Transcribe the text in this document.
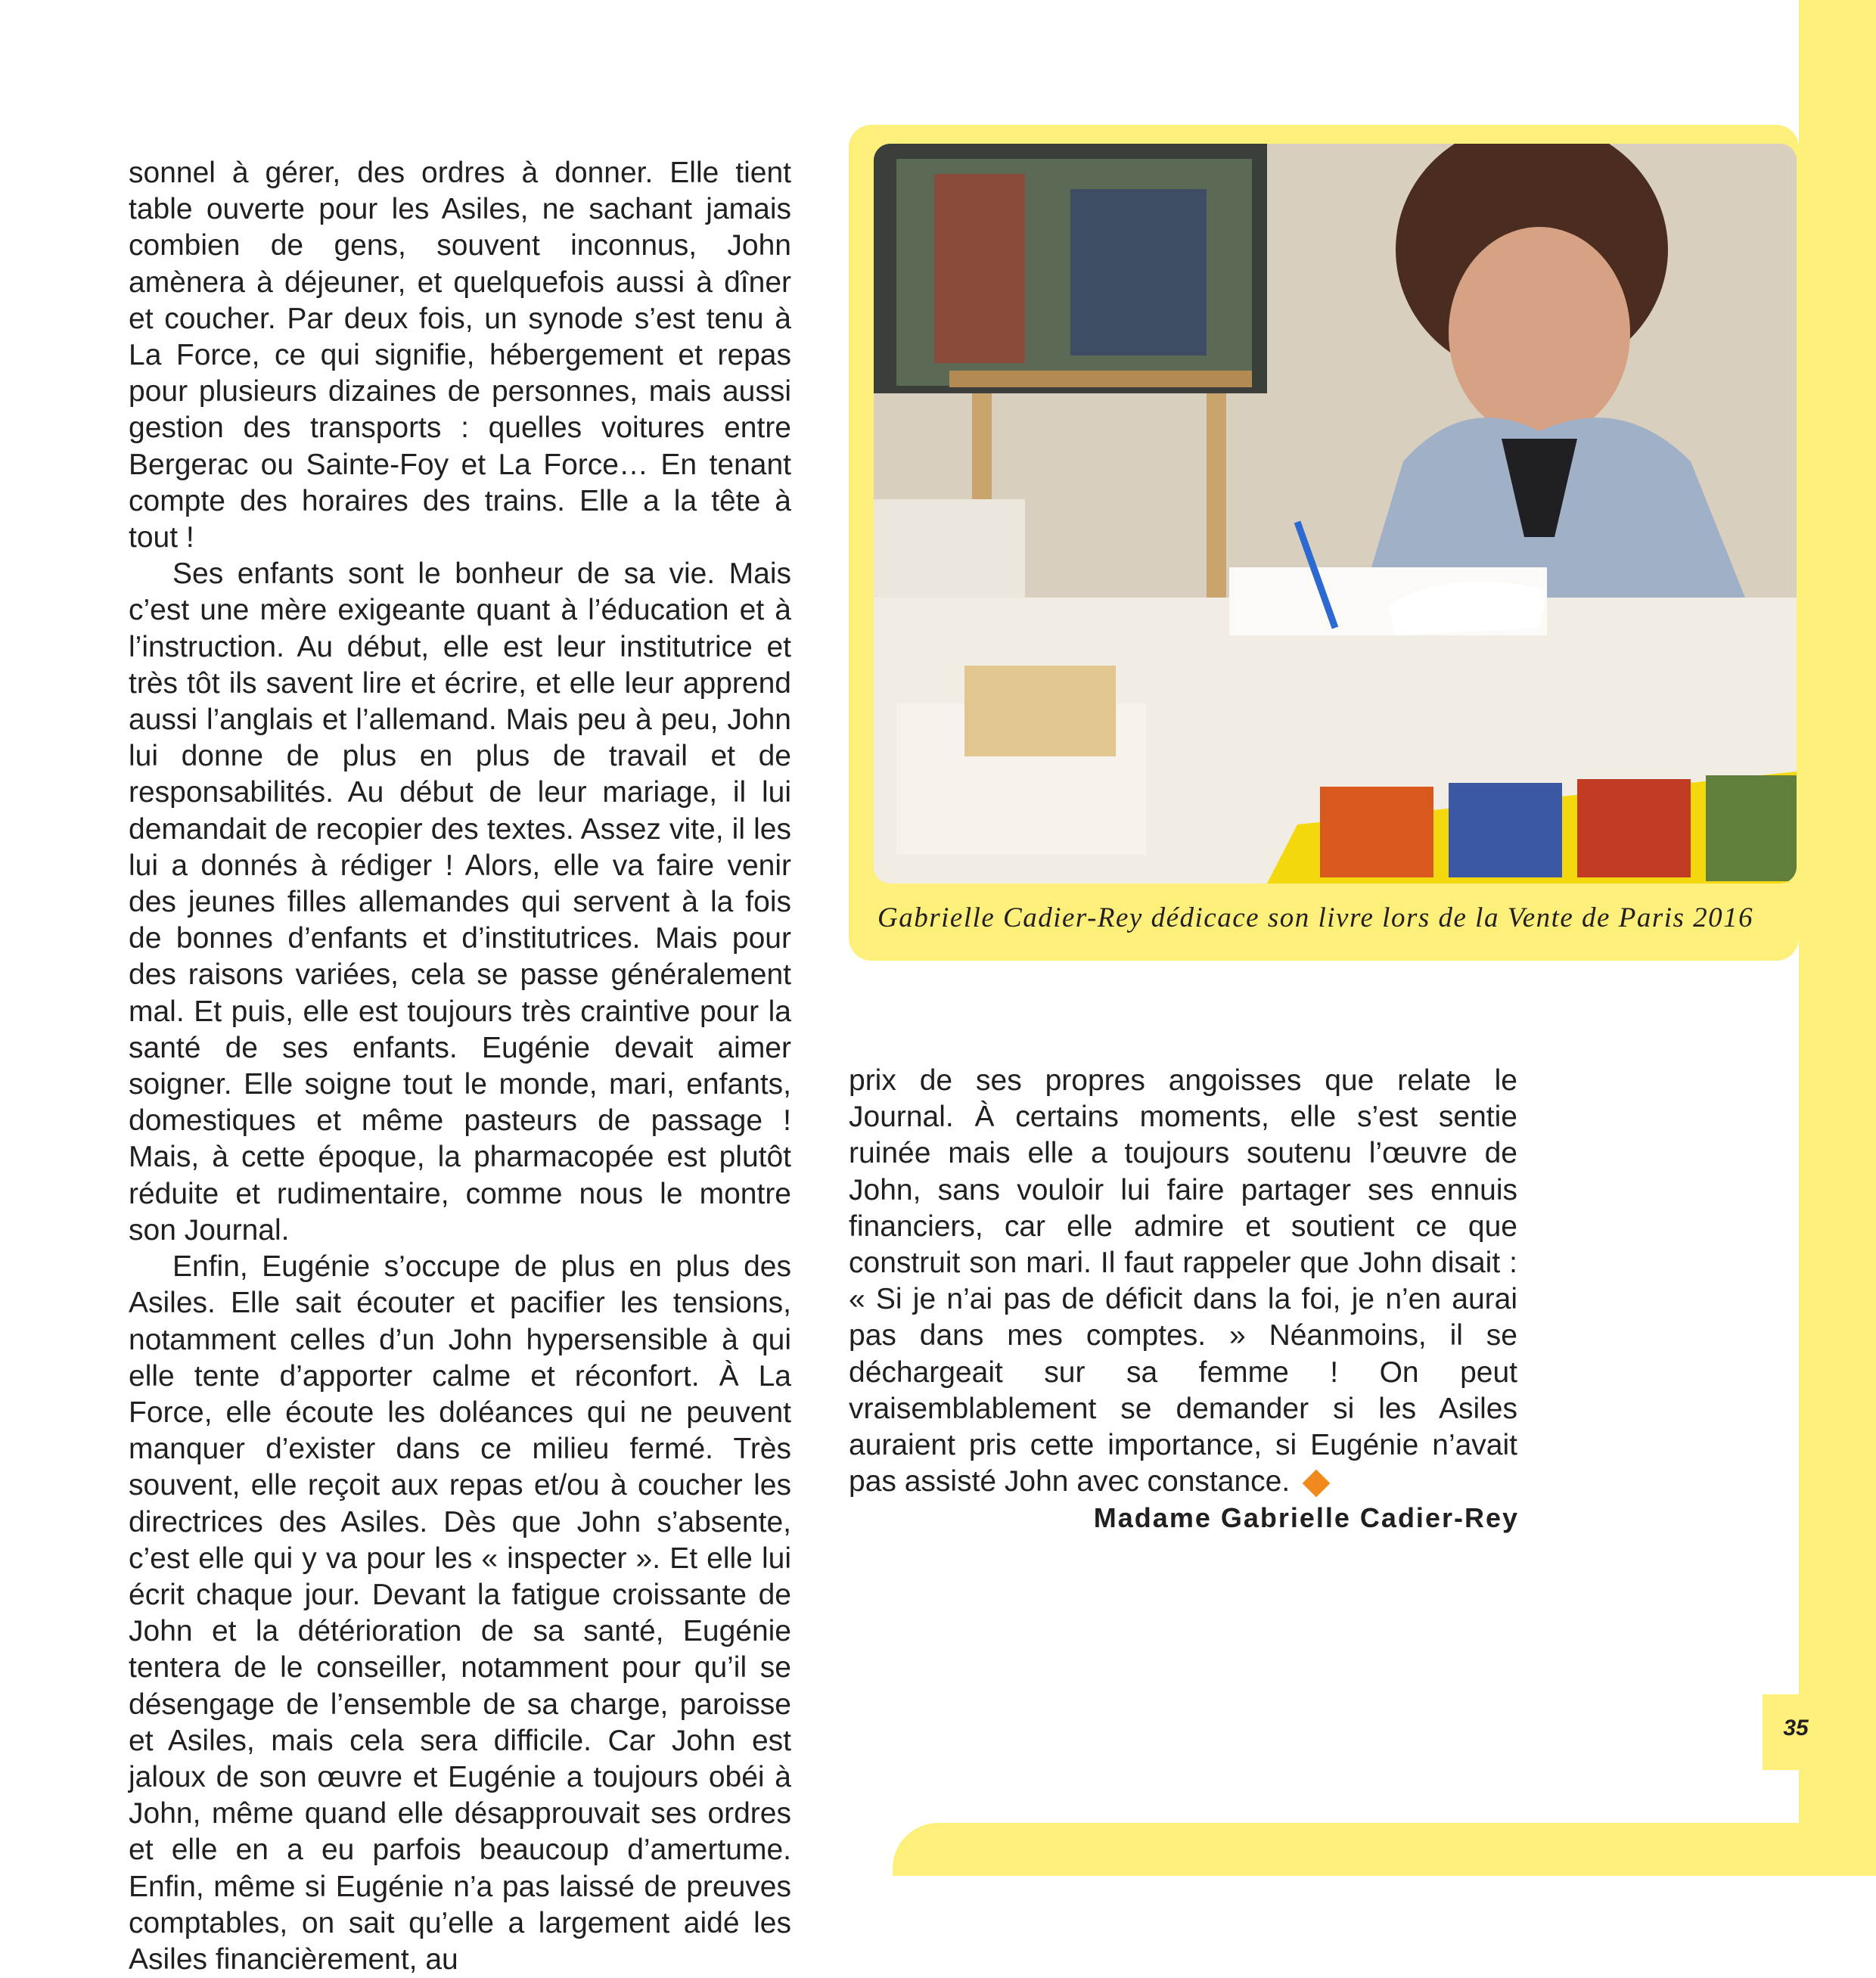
sonnel à gérer, des ordres à donner. Elle tient table ouverte pour les Asiles, ne sachant jamais combien de gens, souvent inconnus, John amènera à déjeuner, et quelquefois aussi à dîner et coucher. Par deux fois, un synode s’est tenu à La Force, ce qui signifie, hébergement et repas pour plusieurs dizaines de personnes, mais aussi gestion des transports : quelles voitures entre Bergerac ou Sainte-Foy et La Force… En tenant compte des horaires des trains. Elle a la tête à tout !

Ses enfants sont le bonheur de sa vie. Mais c’est une mère exigeante quant à l’éducation et à l’instruction. Au début, elle est leur institutrice et très tôt ils savent lire et écrire, et elle leur apprend aussi l’anglais et l’allemand. Mais peu à peu, John lui donne de plus en plus de travail et de responsabilités. Au début de leur mariage, il lui demandait de recopier des textes. Assez vite, il les lui a donnés à rédiger ! Alors, elle va faire venir des jeunes filles allemandes qui servent à la fois de bonnes d’enfants et d’institutrices. Mais pour des raisons variées, cela se passe généralement mal. Et puis, elle est toujours très craintive pour la santé de ses enfants. Eugénie devait aimer soigner. Elle soigne tout le monde, mari, enfants, domestiques et même pasteurs de passage ! Mais, à cette époque, la pharmacopée est plutôt réduite et rudimentaire, comme nous le montre son Journal.

Enfin, Eugénie s’occupe de plus en plus des Asiles. Elle sait écouter et pacifier les tensions, notamment celles d’un John hypersensible à qui elle tente d’apporter calme et réconfort. À La Force, elle écoute les doléances qui ne peuvent manquer d’exister dans ce milieu fermé. Très souvent, elle reçoit aux repas et/ou à coucher les directrices des Asiles. Dès que John s’absente, c’est elle qui y va pour les « inspecter ». Et elle lui écrit chaque jour. Devant la fatigue croissante de John et la détérioration de sa santé, Eugénie tentera de le conseiller, notamment pour qu’il se désengage de l’ensemble de sa charge, paroisse et Asiles, mais cela sera difficile. Car John est jaloux de son œuvre et Eugénie a toujours obéi à John, même quand elle désapprouvait ses ordres et elle en a eu parfois beaucoup d’amertume. Enfin, même si Eugénie n’a pas laissé de preuves comptables, on sait qu’elle a largement aidé les Asiles financièrement, au

Gabrielle Cadier-Rey dédicace son livre lors de la Vente de Paris 2016

prix de ses propres angoisses que relate le Journal. À certains moments, elle s’est sentie ruinée mais elle a toujours soutenu l’œuvre de John, sans vouloir lui faire partager ses ennuis financiers, car elle admire et soutient ce que construit son mari. Il faut rappeler que John disait : « Si je n’ai pas de déficit dans la foi, je n’en aurai pas dans mes comptes. » Néanmoins, il se déchargeait sur sa femme ! On peut vraisemblablement se demander si les Asiles auraient pris cette importance, si Eugénie n’avait pas assisté John avec constance.

Madame Gabrielle Cadier-Rey
35
